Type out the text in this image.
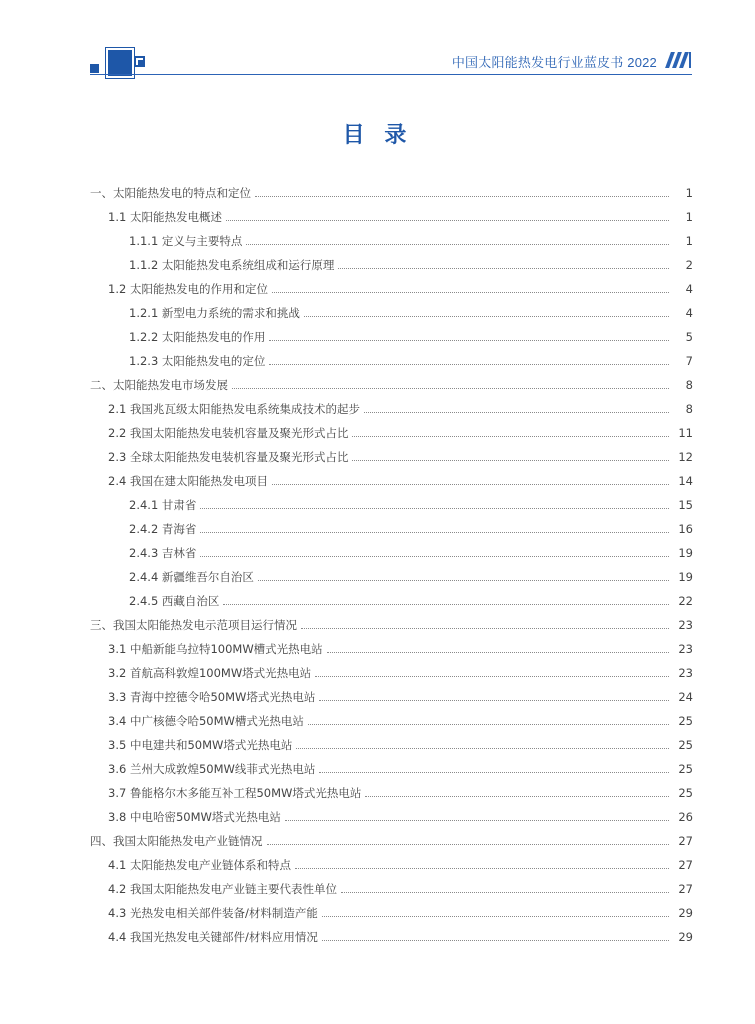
中国太阳能热发电行业蓝皮书 2022
目 录
一、太阳能热发电的特点和定位	1
1.1 太阳能热发电概述	1
1.1.1 定义与主要特点	1
1.1.2 太阳能热发电系统组成和运行原理	2
1.2 太阳能热发电的作用和定位	4
1.2.1 新型电力系统的需求和挑战	4
1.2.2 太阳能热发电的作用	5
1.2.3 太阳能热发电的定位	7
二、太阳能热发电市场发展	8
2.1 我国兆瓦级太阳能热发电系统集成技术的起步	8
2.2 我国太阳能热发电装机容量及聚光形式占比	11
2.3 全球太阳能热发电装机容量及聚光形式占比	12
2.4 我国在建太阳能热发电项目	14
2.4.1 甘肃省	15
2.4.2 青海省	16
2.4.3 吉林省	19
2.4.4 新疆维吾尔自治区	19
2.4.5 西藏自治区	22
三、我国太阳能热发电示范项目运行情况	23
3.1 中船新能乌拉特100MW槽式光热电站	23
3.2 首航高科敦煌100MW塔式光热电站	23
3.3 青海中控德令哈50MW塔式光热电站	24
3.4 中广核德令哈50MW槽式光热电站	25
3.5 中电建共和50MW塔式光热电站	25
3.6 兰州大成敦煌50MW线菲式光热电站	25
3.7 鲁能格尔木多能互补工程50MW塔式光热电站	25
3.8 中电哈密50MW塔式光热电站	26
四、我国太阳能热发电产业链情况	27
4.1 太阳能热发电产业链体系和特点	27
4.2 我国太阳能热发电产业链主要代表性单位	27
4.3 光热发电相关部件装备/材料制造产能	29
4.4 我国光热发电关键部件/材料应用情况	29
